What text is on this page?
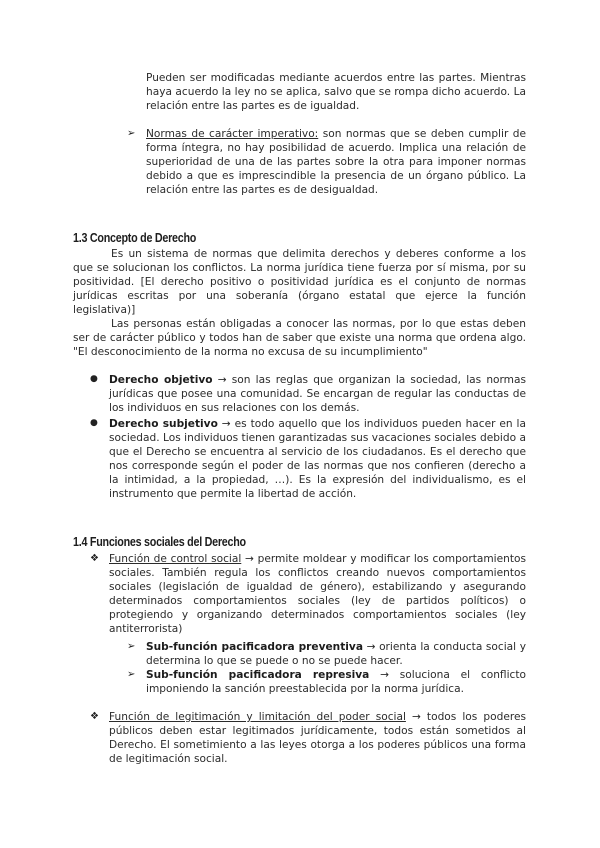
Pueden ser modificadas mediante acuerdos entre las partes. Mientras haya acuerdo la ley no se aplica, salvo que se rompa dicho acuerdo. La relación entre las partes es de igualdad.

➢ Normas de carácter imperativo: son normas que se deben cumplir de forma íntegra, no hay posibilidad de acuerdo. Implica una relación de superioridad de una de las partes sobre la otra para imponer normas debido a que es imprescindible la presencia de un órgano público. La relación entre las partes es de desigualdad.

1.3 Concepto de Derecho

Es un sistema de normas que delimita derechos y deberes conforme a los que se solucionan los conflictos. La norma jurídica tiene fuerza por sí misma, por su positividad. [El derecho positivo o positividad jurídica es el conjunto de normas jurídicas escritas por una soberanía (órgano estatal que ejerce la función legislativa)]

Las personas están obligadas a conocer las normas, por lo que estas deben ser de carácter público y todos han de saber que existe una norma que ordena algo. "El desconocimiento de la norma no excusa de su incumplimiento"

● Derecho objetivo → son las reglas que organizan la sociedad, las normas jurídicas que posee una comunidad. Se encargan de regular las conductas de los individuos en sus relaciones con los demás.

● Derecho subjetivo → es todo aquello que los individuos pueden hacer en la sociedad. Los individuos tienen garantizadas sus vacaciones sociales debido a que el Derecho se encuentra al servicio de los ciudadanos. Es el derecho que nos corresponde según el poder de las normas que nos confieren (derecho a la intimidad, a la propiedad, …). Es la expresión del individualismo, es el instrumento que permite la libertad de acción.

1.4 Funciones sociales del Derecho
❖ Función de control social → permite moldear y modificar los comportamientos sociales. También regula los conflictos creando nuevos comportamientos sociales (legislación de igualdad de género), estabilizando y asegurando determinados comportamientos sociales (ley de partidos políticos) o protegiendo y organizando determinados comportamientos sociales (ley antiterrorista)

➢ Sub-función pacificadora preventiva → orienta la conducta social y determina lo que se puede o no se puede hacer.

➢ Sub-función pacificadora represiva → soluciona el conflicto imponiendo la sanción preestablecida por la norma jurídica.

❖ Función de legitimación y limitación del poder social → todos los poderes públicos deben estar legitimados jurídicamente, todos están sometidos al Derecho. El sometimiento a las leyes otorga a los poderes públicos una forma de legitimación social.
